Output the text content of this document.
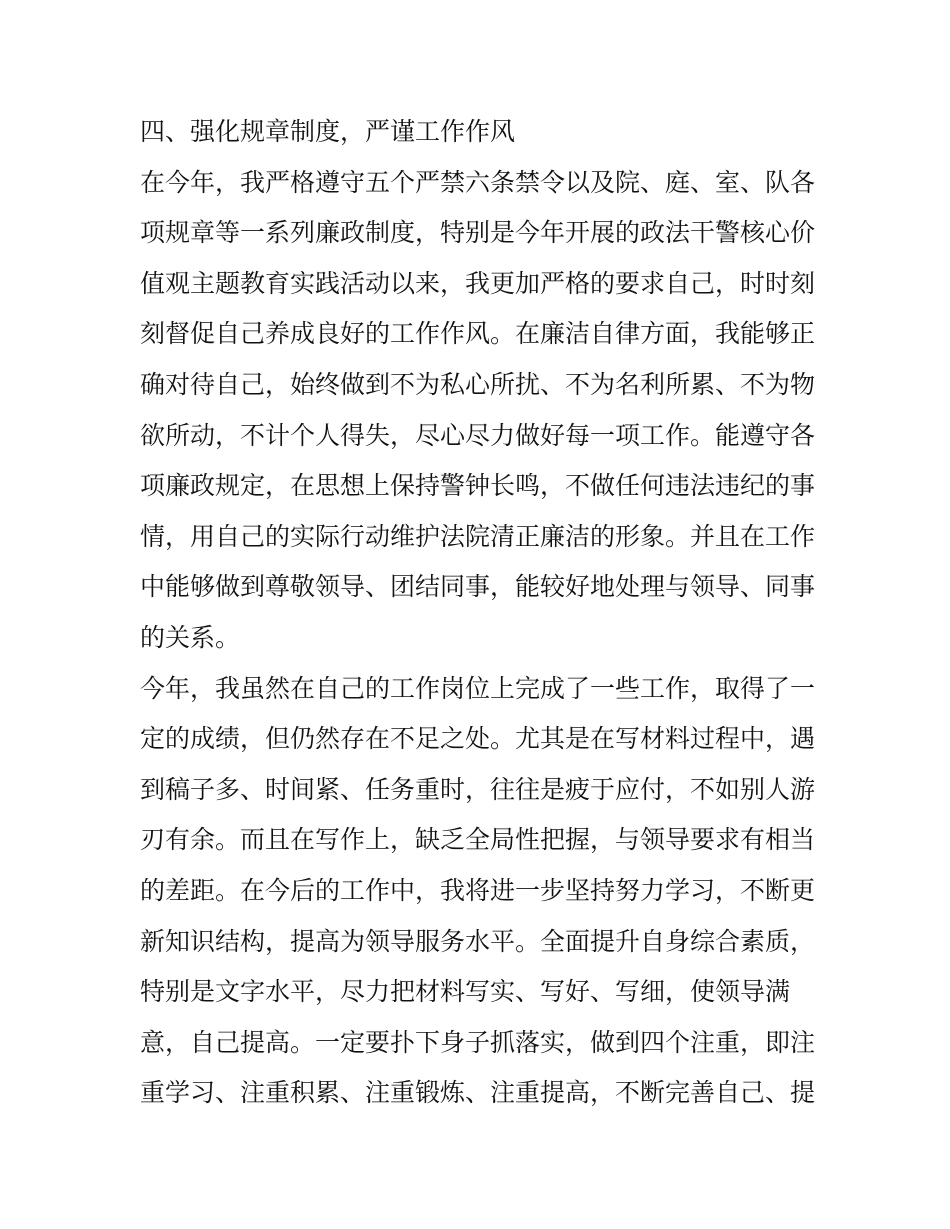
四、强化规章制度，严谨工作作风

在今年，我严格遵守五个严禁六条禁令以及院、庭、室、队各

项规章等一系列廉政制度，特别是今年开展的政法干警核心价

值观主题教育实践活动以来，我更加严格的要求自己，时时刻

刻督促自己养成良好的工作作风。在廉洁自律方面，我能够正

确对待自己，始终做到不为私心所扰、不为名利所累、不为物

欲所动，不计个人得失，尽心尽力做好每一项工作。能遵守各

项廉政规定，在思想上保持警钟长鸣，不做任何违法违纪的事

情，用自己的实际行动维护法院清正廉洁的形象。并且在工作

中能够做到尊敬领导、团结同事，能较好地处理与领导、同事

的关系。

今年，我虽然在自己的工作岗位上完成了一些工作，取得了一

定的成绩，但仍然存在不足之处。尤其是在写材料过程中，遇

到稿子多、时间紧、任务重时，往往是疲于应付，不如别人游

刃有余。而且在写作上，缺乏全局性把握，与领导要求有相当

的差距。在今后的工作中，我将进一步坚持努力学习，不断更

新知识结构，提高为领导服务水平。全面提升自身综合素质，

特别是文字水平，尽力把材料写实、写好、写细，使领导满

意，自己提高。一定要扑下身子抓落实，做到四个注重，即注

重学习、注重积累、注重锻炼、注重提高，不断完善自己、提
